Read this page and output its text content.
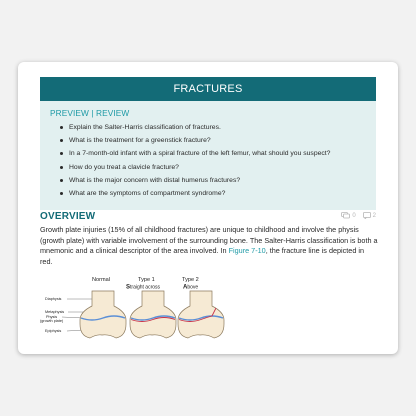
FRACTURES
PREVIEW | REVIEW
Explain the Salter-Harris classification of fractures.
What is the treatment for a greenstick fracture?
In a 7-month-old infant with a spiral fracture of the left femur, what should you suspect?
How do you treat a clavicle fracture?
What is the major concern with distal humerus fractures?
What are the symptoms of compartment syndrome?
OVERVIEW	0	2
Growth plate injuries (15% of all childhood fractures) are unique to childhood and involve the physis (growth plate) with variable involvement of the surrounding bone. The Salter-Harris classification is both a mnemonic and a clinical descriptor of the area involved. In Figure 7-10, the fracture line is depicted in red.
Normal	Type 1
Straight across
Type 2
Above
Diaphysis
Metaphysis
Physis
(growth plate)
Epiphysis
